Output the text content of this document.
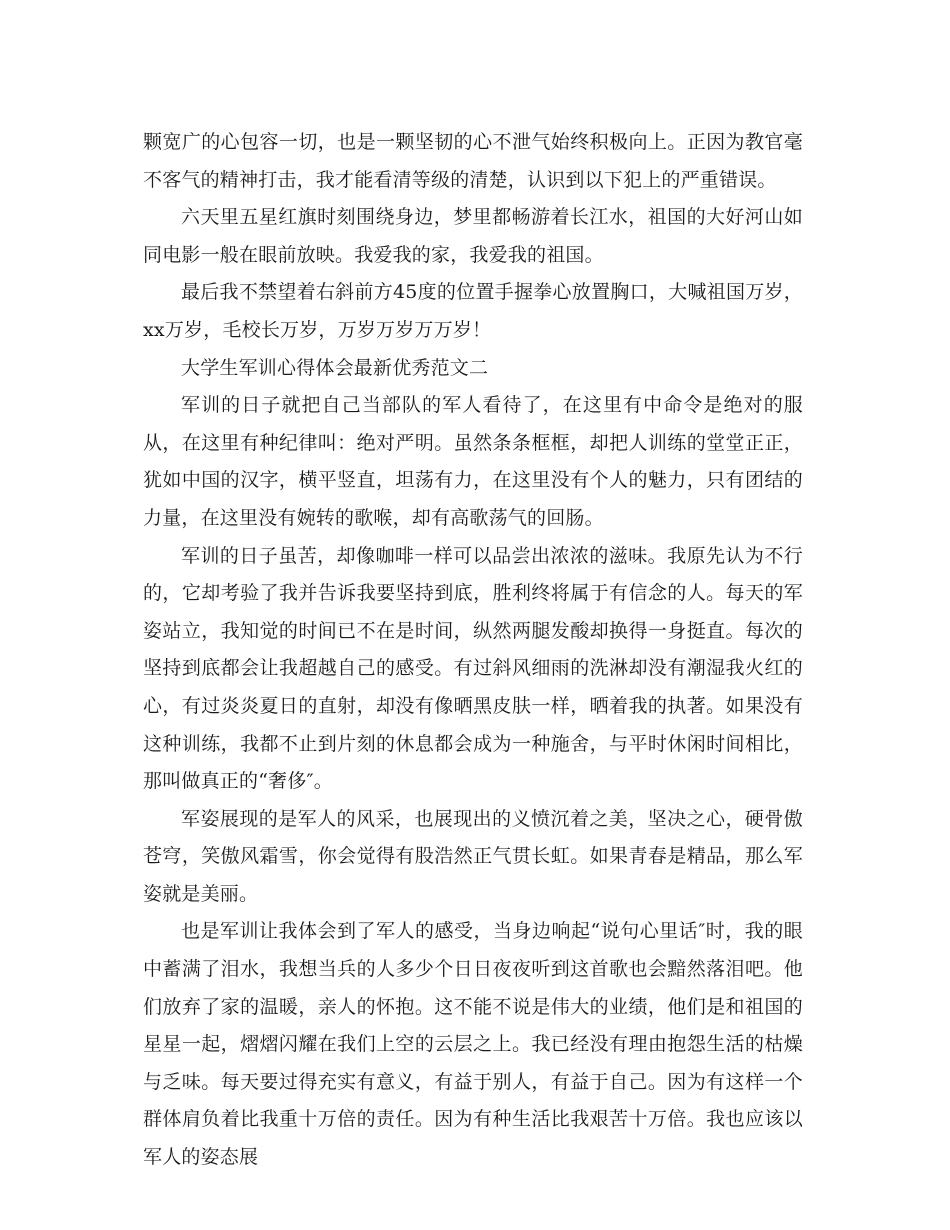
颗宽广的心包容一切，也是一颗坚韧的心不泄气始终积极向上。正因为教官毫不客气的精神打击，我才能看清等级的清楚，认识到以下犯上的严重错误。

六天里五星红旗时刻围绕身边，梦里都畅游着长江水，祖国的大好河山如同电影一般在眼前放映。我爱我的家，我爱我的祖国。

最后我不禁望着右斜前方45度的位置手握拳心放置胸口，大喊祖国万岁，xx万岁，毛校长万岁，万岁万岁万万岁！

大学生军训心得体会最新优秀范文二

军训的日子就把自己当部队的军人看待了，在这里有中命令是绝对的服从，在这里有种纪律叫：绝对严明。虽然条条框框，却把人训练的堂堂正正，犹如中国的汉字，横平竖直，坦荡有力，在这里没有个人的魅力，只有团结的力量，在这里没有婉转的歌喉，却有高歌荡气的回肠。

军训的日子虽苦，却像咖啡一样可以品尝出浓浓的滋味。我原先认为不行的，它却考验了我并告诉我要坚持到底，胜利终将属于有信念的人。每天的军姿站立，我知觉的时间已不在是时间，纵然两腿发酸却换得一身挺直。每次的坚持到底都会让我超越自己的感受。有过斜风细雨的洗淋却没有潮湿我火红的心，有过炎炎夏日的直射，却没有像晒黑皮肤一样，晒着我的执著。如果没有这种训练，我都不止到片刻的休息都会成为一种施舍，与平时休闲时间相比，那叫做真正的“奢侈″。

军姿展现的是军人的风采，也展现出的义愤沉着之美，坚决之心，硬骨傲苍穹，笑傲风霜雪，你会觉得有股浩然正气贯长虹。如果青春是精品，那么军姿就是美丽。

也是军训让我体会到了军人的感受，当身边响起“说句心里话″时，我的眼中蓄满了泪水，我想当兵的人多少个日日夜夜听到这首歌也会黯然落泪吧。他们放弃了家的温暖，亲人的怀抱。这不能不说是伟大的业绩，他们是和祖国的星星一起，熠熠闪耀在我们上空的云层之上。我已经没有理由抱怨生活的枯燥与乏味。每天要过得充实有意义，有益于别人，有益于自己。因为有这样一个群体肩负着比我重十万倍的责任。因为有种生活比我艰苦十万倍。我也应该以军人的姿态展
